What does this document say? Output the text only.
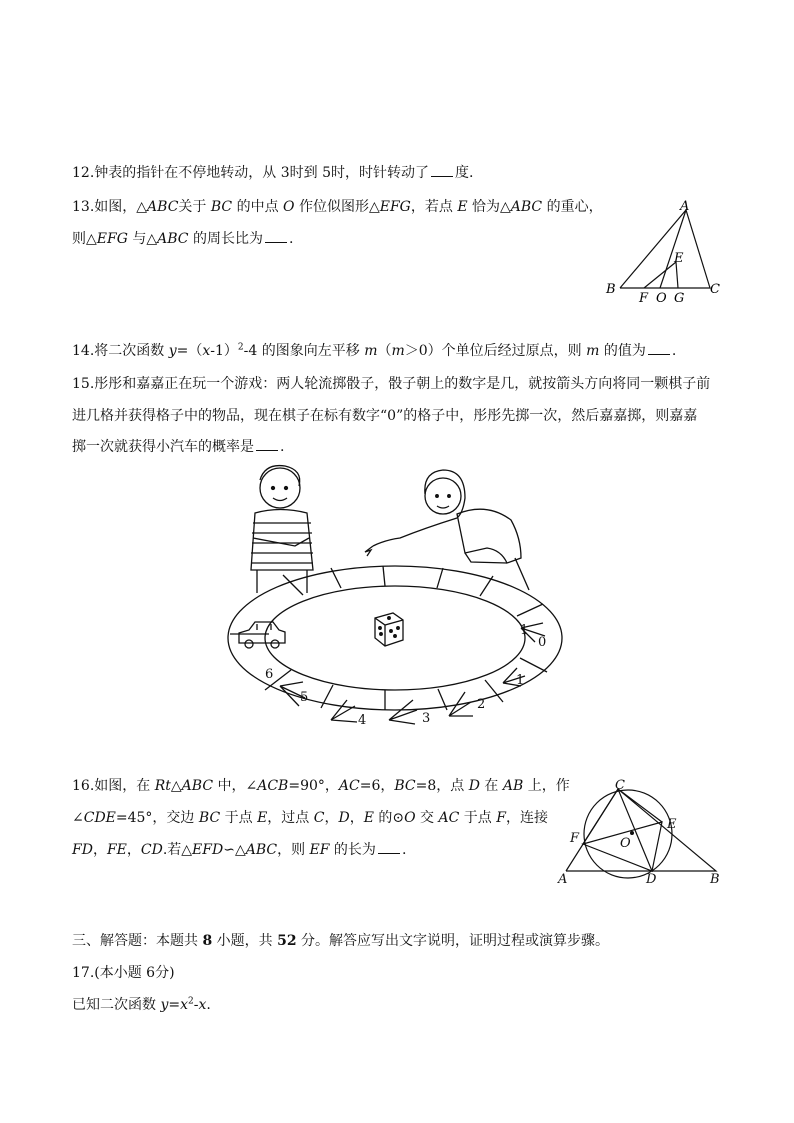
12.钟表的指针在不停地转动，从 3时到 5时，时针转动了 度.
13.如图，△ABC关于 BC 的中点 O 作位似图形△EFG，若点 E 恰为△ABC 的重心，
则△EFG 与△ABC 的周长比为 .
A
B	C
E
F O G
14.将二次函数 $y=(x-1)^2-4$ 的图象向左平移 m（m＞0）个单位后经过原点，则 m 的值为 .
15.彤彤和嘉嘉正在玩一个游戏：两人轮流掷骰子，骰子朝上的数字是几，就按箭头方向将同一颗棋子前
进几格并获得格子中的物品，现在棋子在标有数字“0”的格子中，彤彤先掷一次，然后嘉嘉掷，则嘉嘉
掷一次就获得小汽车的概率是 .
1
0
1
2
3
4
5
6
16.如图，在 Rt△ABC 中，∠ACB=90°，AC=6，BC=8，点 D 在 AB 上，作
∠CDE=45°，交边 BC 于点 E，过点 C，D，E 的⊙O 交 AC 于点 F，连接
FD，FE，CD.若△EFD∽△ABC，则 EF 的长为 .
C
E
F	O
A	D	B
三、解答题：本题共 8 小题，共 52 分。解答应写出文字说明，证明过程或演算步骤。
17.(本小题 6分)
已知二次函数 $y=x^2-x$.
